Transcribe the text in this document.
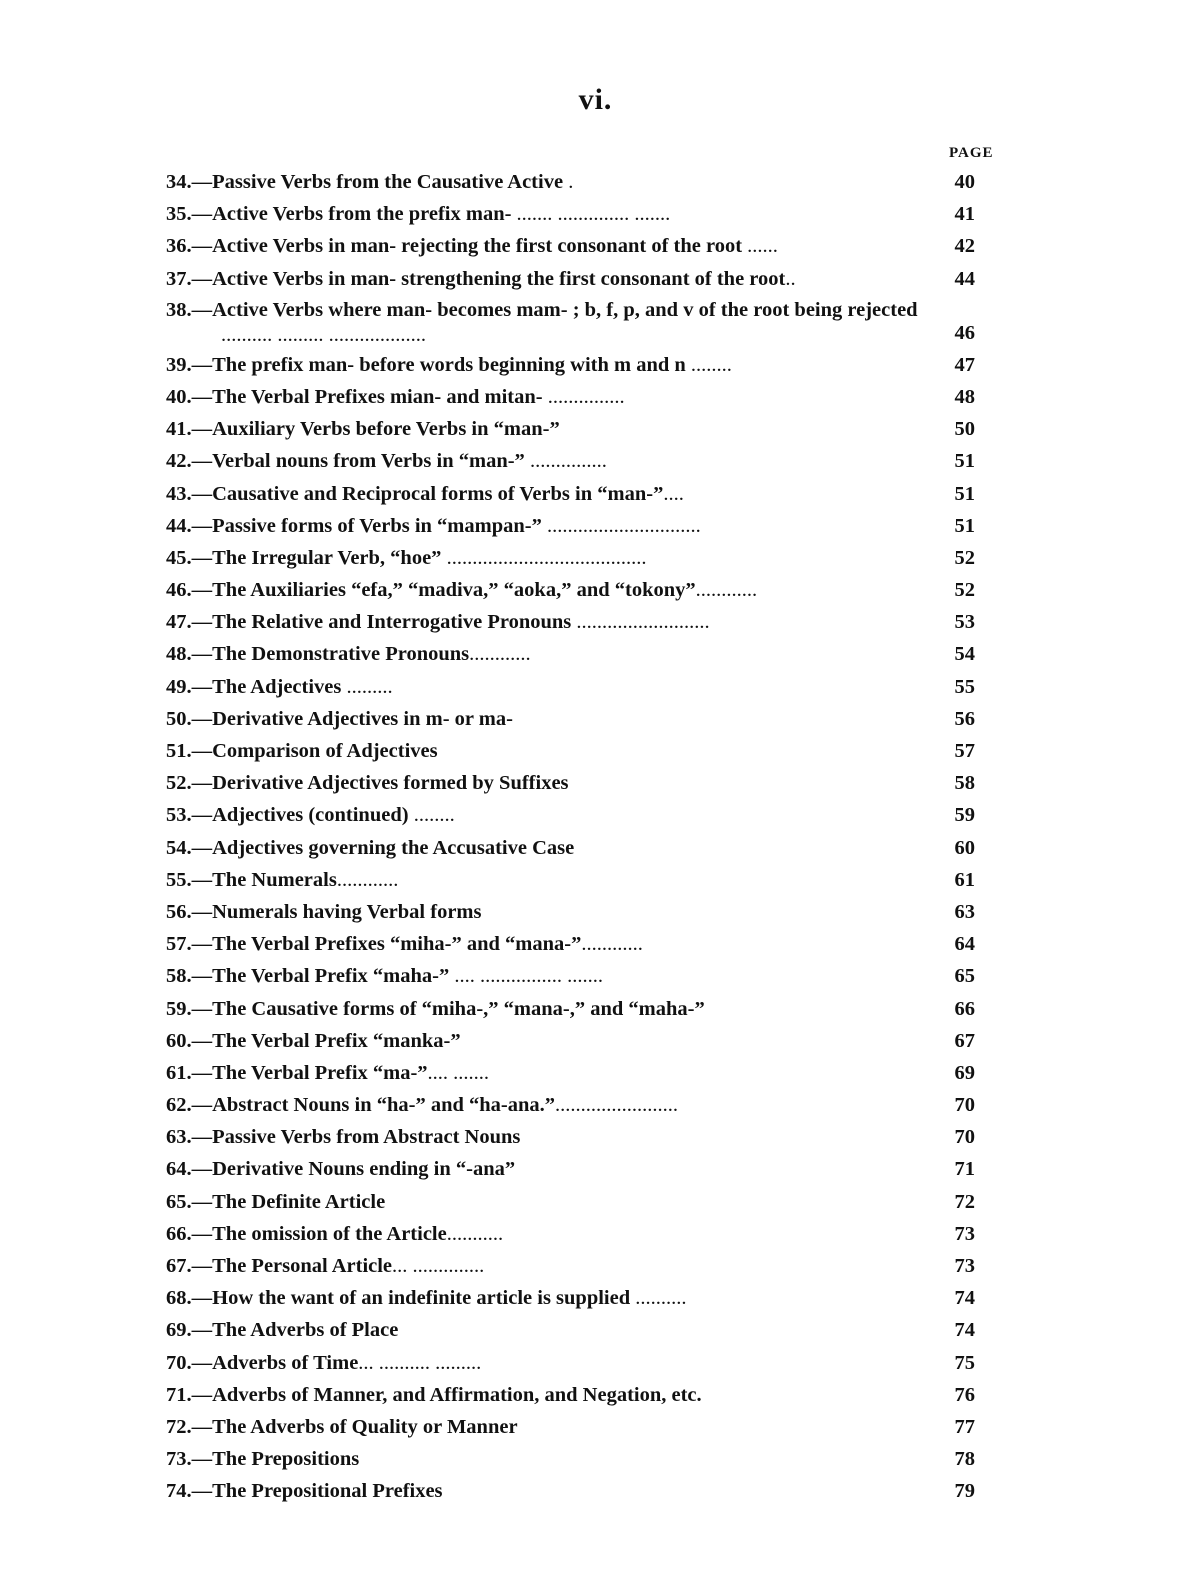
vi.
PAGE
34.—Passive Verbs from the Causative Active .	40
35.—Active Verbs from the prefix man- ....... .............. .......	41
36.—Active Verbs in man- rejecting the first consonant of the root ......	42
37.—Active Verbs in man- strengthening the first consonant of the root..	44
38.—Active Verbs where man- becomes mam- ; b, f, p, and v of the root being rejected .......... ......... ...................	46
39.—The prefix man- before words beginning with m and n ........	47
40.—The Verbal Prefixes mian- and mitan- ...............	48
41.—Auxiliary Verbs before Verbs in “man-”	50
42.—Verbal nouns from Verbs in “man-” ...............	51
43.—Causative and Reciprocal forms of Verbs in “man-”....	51
44.—Passive forms of Verbs in “mampan-” ..............................	51
45.—The Irregular Verb, “hoe” .......................................	52
46.—The Auxiliaries “efa,” “madiva,” “aoka,” and “tokony”............	52
47.—The Relative and Interrogative Pronouns ..........................	53
48.—The Demonstrative Pronouns............	54
49.—The Adjectives .........	55
50.—Derivative Adjectives in m- or ma-	56
51.—Comparison of Adjectives	57
52.—Derivative Adjectives formed by Suffixes	58
53.—Adjectives (continued) ........	59
54.—Adjectives governing the Accusative Case	60
55.—The Numerals............	61
56.—Numerals having Verbal forms	63
57.—The Verbal Prefixes “miha-” and “mana-”............	64
58.—The Verbal Prefix “maha-” .... ................ .......	65
59.—The Causative forms of “miha-,” “mana-,” and “maha-”	66
60.—The Verbal Prefix “manka-”	67
61.—The Verbal Prefix “ma-”.... .......	69
62.—Abstract Nouns in “ha-” and “ha-ana.”........................	70
63.—Passive Verbs from Abstract Nouns	70
64.—Derivative Nouns ending in “-ana”	71
65.—The Definite Article	72
66.—The omission of the Article...........	73
67.—The Personal Article... ..............	73
68.—How the want of an indefinite article is supplied ..........	74
69.—The Adverbs of Place	74
70.—Adverbs of Time... .......... .........	75
71.—Adverbs of Manner, and Affirmation, and Negation, etc.	76
72.—The Adverbs of Quality or Manner	77
73.—The Prepositions	78
74.—The Prepositional Prefixes	79
